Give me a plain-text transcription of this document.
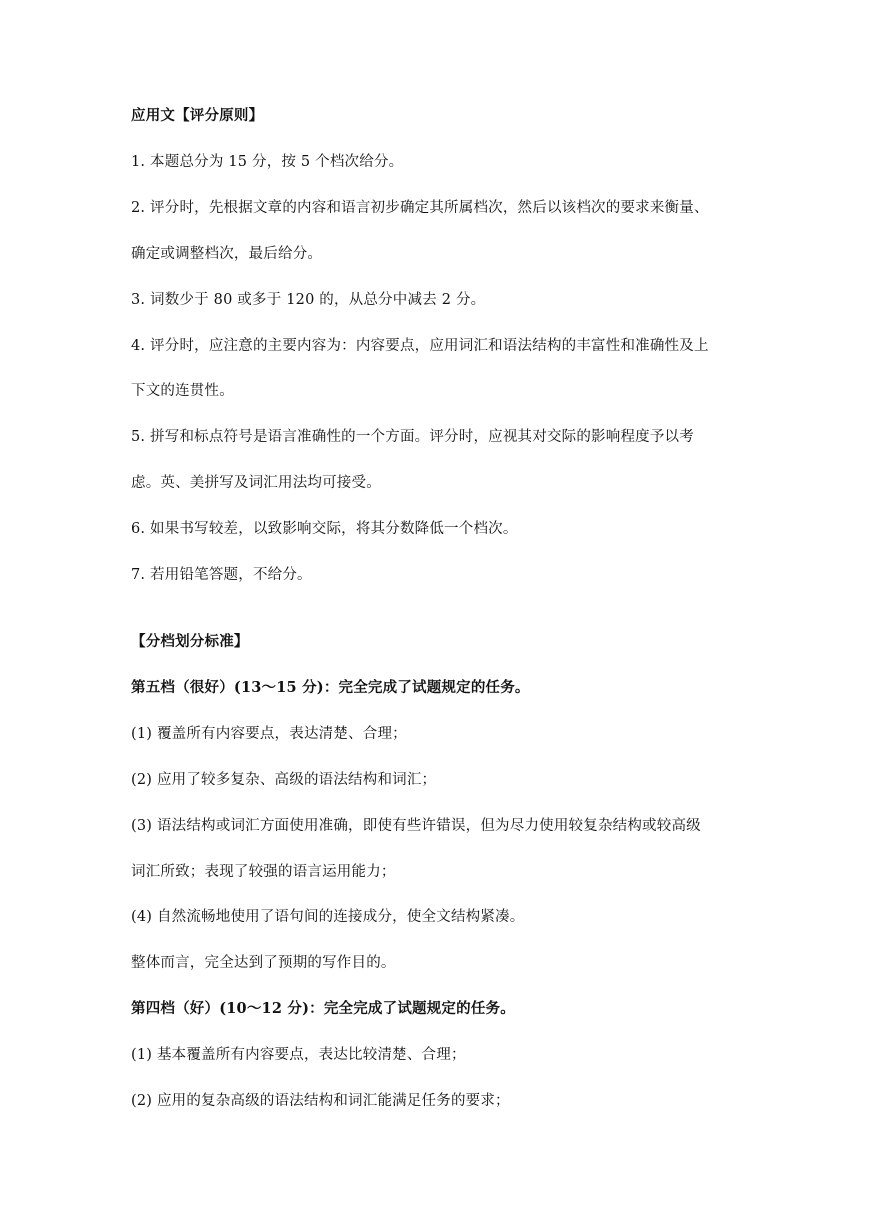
应用文【评分原则】
1. 本题总分为 15 分，按 5 个档次给分。
2. 评分时，先根据文章的内容和语言初步确定其所属档次，然后以该档次的要求来衡量、
确定或调整档次，最后给分。
3. 词数少于 80 或多于 120 的，从总分中减去 2 分。
4. 评分时，应注意的主要内容为：内容要点，应用词汇和语法结构的丰富性和准确性及上
下文的连贯性。
5. 拼写和标点符号是语言准确性的一个方面。评分时，应视其对交际的影响程度予以考
虑。英、美拼写及词汇用法均可接受。
6. 如果书写较差，以致影响交际，将其分数降低一个档次。
7. 若用铅笔答题，不给分。
【分档划分标准】
第五档（很好）(13～15 分)：完全完成了试题规定的任务。
(1) 覆盖所有内容要点，表达清楚、合理；
(2) 应用了较多复杂、高级的语法结构和词汇；
(3) 语法结构或词汇方面使用准确，即使有些许错误，但为尽力使用较复杂结构或较高级
词汇所致；表现了较强的语言运用能力；
(4) 自然流畅地使用了语句间的连接成分，使全文结构紧凑。
整体而言，完全达到了预期的写作目的。
第四档（好）(10～12 分)：完全完成了试题规定的任务。
(1) 基本覆盖所有内容要点，表达比较清楚、合理；
(2) 应用的复杂高级的语法结构和词汇能满足任务的要求；
